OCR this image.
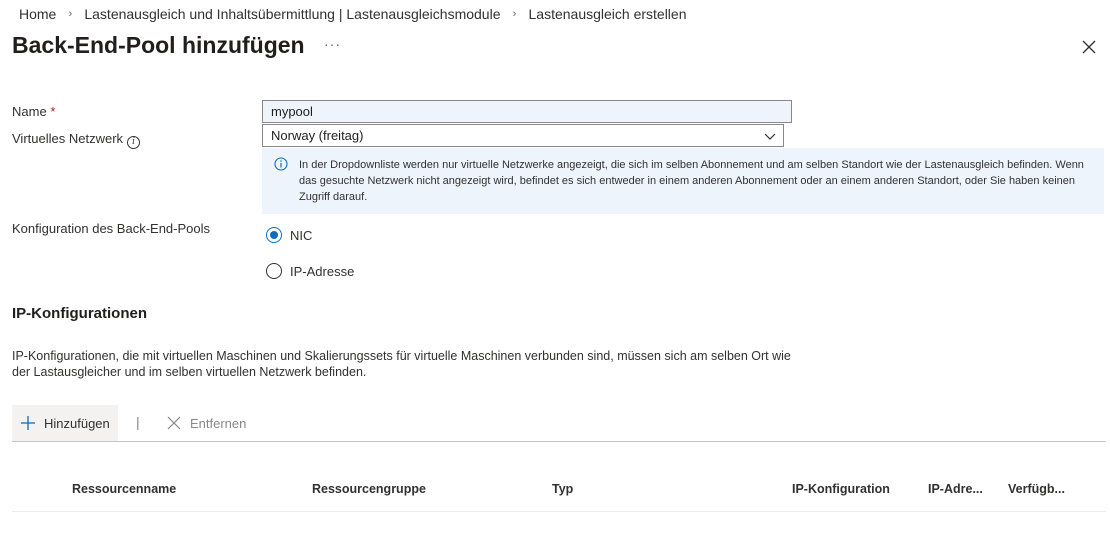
Home	› Lastenausgleich und Inhaltsübermittlung | Lastenausgleichsmodule	› Lastenausgleich erstellen
Back-End-Pool hinzufügen ···
Name *	mypool
Virtuelles Netzwerk i	Norway (freitag)
In der Dropdownliste werden nur virtuelle Netzwerke angezeigt, die sich im selben Abonnement und am selben Standort wie der Lastenausgleich befinden. Wenn das gesuchte Netzwerk nicht angezeigt wird, befindet es sich entweder in einem anderen Abonnement oder an einem anderen Standort, oder Sie haben keinen Zugriff darauf.
Konfiguration des Back-End-Pools	NIC
IP-Adresse
IP-Konfigurationen
IP-Konfigurationen, die mit virtuellen Maschinen und Skalierungssets für virtuelle Maschinen verbunden sind, müssen sich am selben Ort wie der Lastausgleicher und im selben virtuellen Netzwerk befinden.
Hinzufügen |	Entfernen
Ressourcenname	Ressourcengruppe	Typ	IP-Konfiguration	IP-Adre... Verfügb...
